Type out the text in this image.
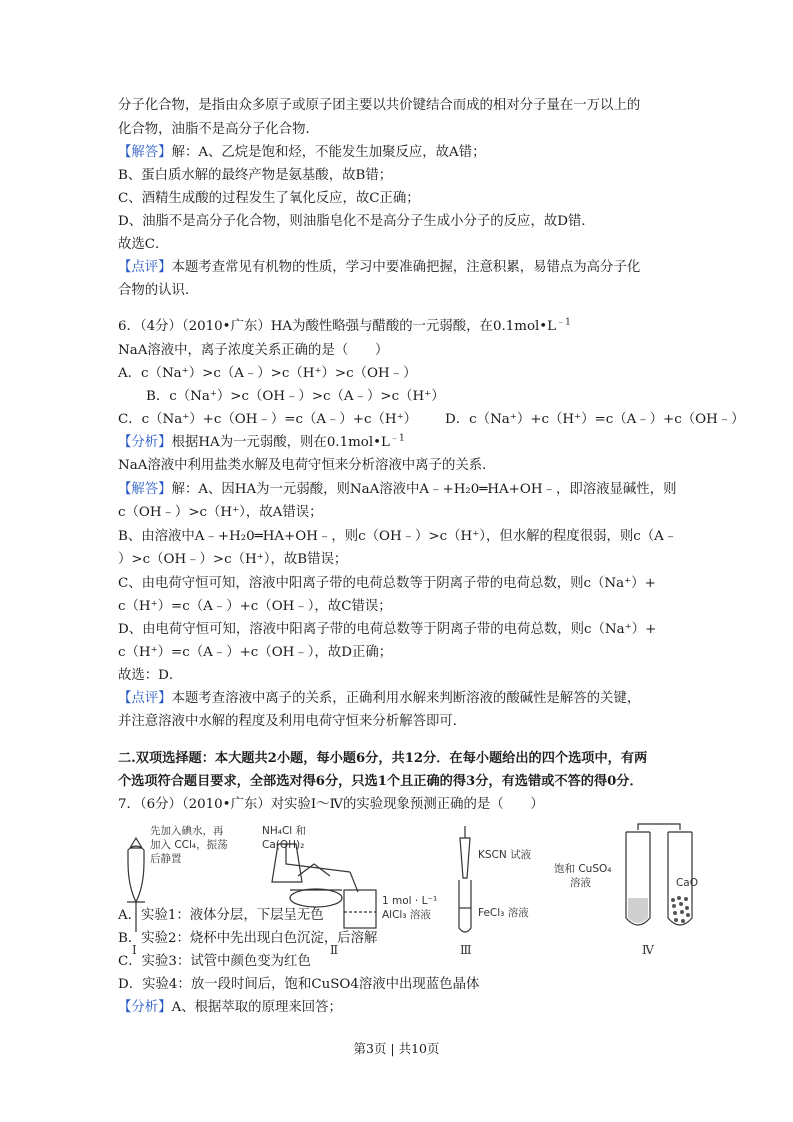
分子化合物，是指由众多原子或原子团主要以共价键结合而成的相对分子量在一万以上的
化合物，油脂不是高分子化合物．
【解答】解：A、乙烷是饱和烃，不能发生加聚反应，故A错；
B、蛋白质水解的最终产物是氨基酸，故B错；
C、酒精生成酸的过程发生了氧化反应，故C正确；
D、油脂不是高分子化合物，则油脂皂化不是高分子生成小分子的反应，故D错．
故选C．
【点评】本题考查常见有机物的性质，学习中要准确把握，注意积累，易错点为高分子化
合物的认识．
6．（4分）（2010•广东）HA为酸性略强与醋酸的一元弱酸，在$0.1mol•L^{﹣1}$
NaA溶液中，离子浓度关系正确的是（　　）
A．c（Na⁺）>c（A﹣）>c（H⁺）>c（OH﹣）
B．c（Na⁺）>c（OH﹣）>c（A﹣）>c（H⁺）
C．c（Na⁺）+c（OH﹣）=c（A﹣）+c（H⁺） D．c（Na⁺）+c（H⁺）=c（A﹣）+c（OH﹣）
【分析】根据HA为一元弱酸，则在$0.1mol•L^{﹣1}$
NaA溶液中利用盐类水解及电荷守恒来分析溶液中离子的关系．
【解答】解：A、因HA为一元弱酸，则NaA溶液中A﹣+H₂0═HA+OH﹣，即溶液显碱性，则
c（OH﹣）>c（H⁺），故A错误；
B、由溶液中A﹣+H₂0═HA+OH﹣，则c（OH﹣）>c（H⁺），但水解的程度很弱，则c（A﹣
）>c（OH﹣）>c（H⁺），故B错误；
C、由电荷守恒可知，溶液中阳离子带的电荷总数等于阴离子带的电荷总数，则c（Na⁺）+
c（H⁺）=c（A﹣）+c（OH﹣），故C错误；
D、由电荷守恒可知，溶液中阳离子带的电荷总数等于阴离子带的电荷总数，则c（Na⁺）+
c（H⁺）=c（A﹣）+c（OH﹣），故D正确；
故选：D．
【点评】本题考查溶液中离子的关系，正确利用水解来判断溶液的酸碱性是解答的关键，
并注意溶液中水解的程度及利用电荷守恒来分析解答即可．
二.双项选择题：本大题共2小题，每小题6分，共12分．在每小题给出的四个选项中，有两
个选项符合题目要求，全部选对得6分，只选1个且正确的得3分，有选错或不答的得0分．
7．（6分）（2010•广东）对实验Ⅰ～Ⅳ的实验现象预测正确的是（　　）
先加入碘水，再
加入 CCl₄，振荡
后静置
NH₄Cl 和
Ca(OH)₂
1 mol · L⁻¹
AlCl₃ 溶液
KSCN 试液
FeCl₃ 溶液
饱和 CuSO₄
溶液	CaO
Ⅰ	Ⅱ	Ⅲ	Ⅳ
A．实验1：液体分层，下层呈无色
B．实验2：烧杯中先出现白色沉淀，后溶解
C．实验3：试管中颜色变为红色
D．实验4：放一段时间后，饱和CuSO4溶液中出现蓝色晶体
【分析】A、根据萃取的原理来回答；
第3页 | 共10页
